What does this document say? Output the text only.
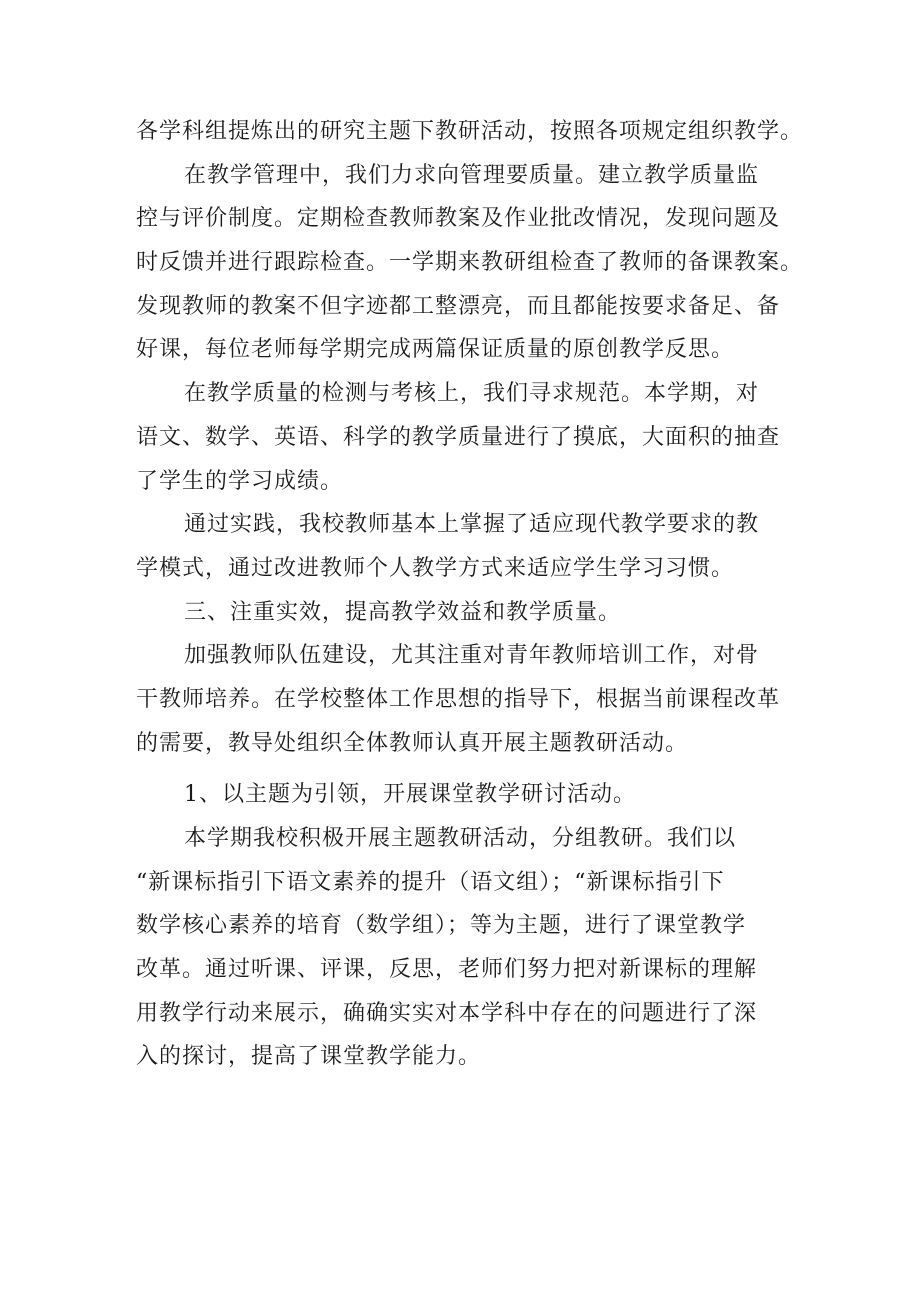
各学科组提炼出的研究主题下教研活动，按照各项规定组织教学。
在教学管理中，我们力求向管理要质量。建立教学质量监
控与评价制度。定期检查教师教案及作业批改情况，发现问题及
时反馈并进行跟踪检查。一学期来教研组检查了教师的备课教案。
发现教师的教案不但字迹都工整漂亮，而且都能按要求备足、备
好课，每位老师每学期完成两篇保证质量的原创教学反思。
在教学质量的检测与考核上，我们寻求规范。本学期，对
语文、数学、英语、科学的教学质量进行了摸底，大面积的抽查
了学生的学习成绩。
通过实践，我校教师基本上掌握了适应现代教学要求的教
学模式，通过改进教师个人教学方式来适应学生学习习惯。
三、注重实效，提高教学效益和教学质量。
加强教师队伍建设，尤其注重对青年教师培训工作，对骨
干教师培养。在学校整体工作思想的指导下，根据当前课程改革
的需要，教导处组织全体教师认真开展主题教研活动。
1、以主题为引领，开展课堂教学研讨活动。
本学期我校积极开展主题教研活动，分组教研。我们以
“新课标指引下语文素养的提升（语文组）；“新课标指引下
数学核心素养的培育（数学组）；等为主题，进行了课堂教学
改革。通过听课、评课，反思，老师们努力把对新课标的理解
用教学行动来展示，确确实实对本学科中存在的问题进行了深
入的探讨，提高了课堂教学能力。
